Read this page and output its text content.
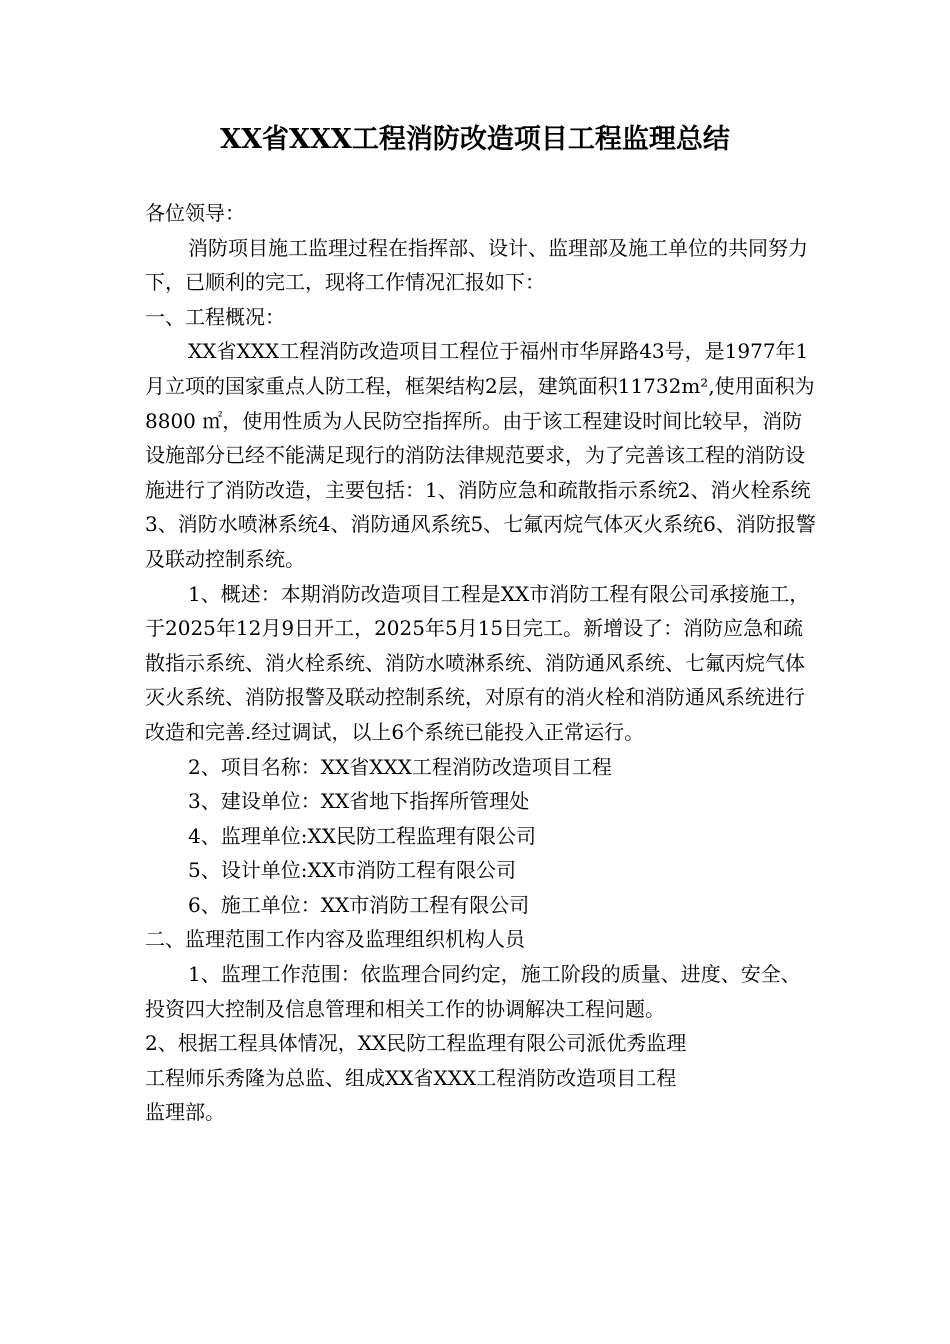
XX省XXX工程消防改造项目工程监理总结

各位领导：

消防项目施工监理过程在指挥部、设计、监理部及施工单位的共同努力下，已顺利的完工，现将工作情况汇报如下：

一、工程概况：

XX省XXX工程消防改造项目工程位于福州市华屏路43号，是1977年1月立项的国家重点人防工程，框架结构2层，建筑面积11732m²,使用面积为8800 ㎡，使用性质为人民防空指挥所。由于该工程建设时间比较早，消防设施部分已经不能满足现行的消防法律规范要求，为了完善该工程的消防设施进行了消防改造，主要包括：1、消防应急和疏散指示系统2、消火栓系统3、消防水喷淋系统4、消防通风系统5、七氟丙烷气体灭火系统6、消防报警及联动控制系统。

1、概述：本期消防改造项目工程是XX市消防工程有限公司承接施工，于2025年12月9日开工，2025年5月15日完工。新增设了：消防应急和疏散指示系统、消火栓系统、消防水喷淋系统、消防通风系统、七氟丙烷气体灭火系统、消防报警及联动控制系统，对原有的消火栓和消防通风系统进行改造和完善.经过调试，以上6个系统已能投入正常运行。

2、项目名称：XX省XXX工程消防改造项目工程

3、建设单位：XX省地下指挥所管理处

4、监理单位:XX民防工程监理有限公司

5、设计单位:XX市消防工程有限公司

6、施工单位：XX市消防工程有限公司

二、监理范围工作内容及监理组织机构人员

1、监理工作范围：依监理合同约定，施工阶段的质量、进度、安全、投资四大控制及信息管理和相关工作的协调解决工程问题。

2、根据工程具体情况，XX民防工程监理有限公司派优秀监理

工程师乐秀隆为总监、组成XX省XXX工程消防改造项目工程

监理部。
